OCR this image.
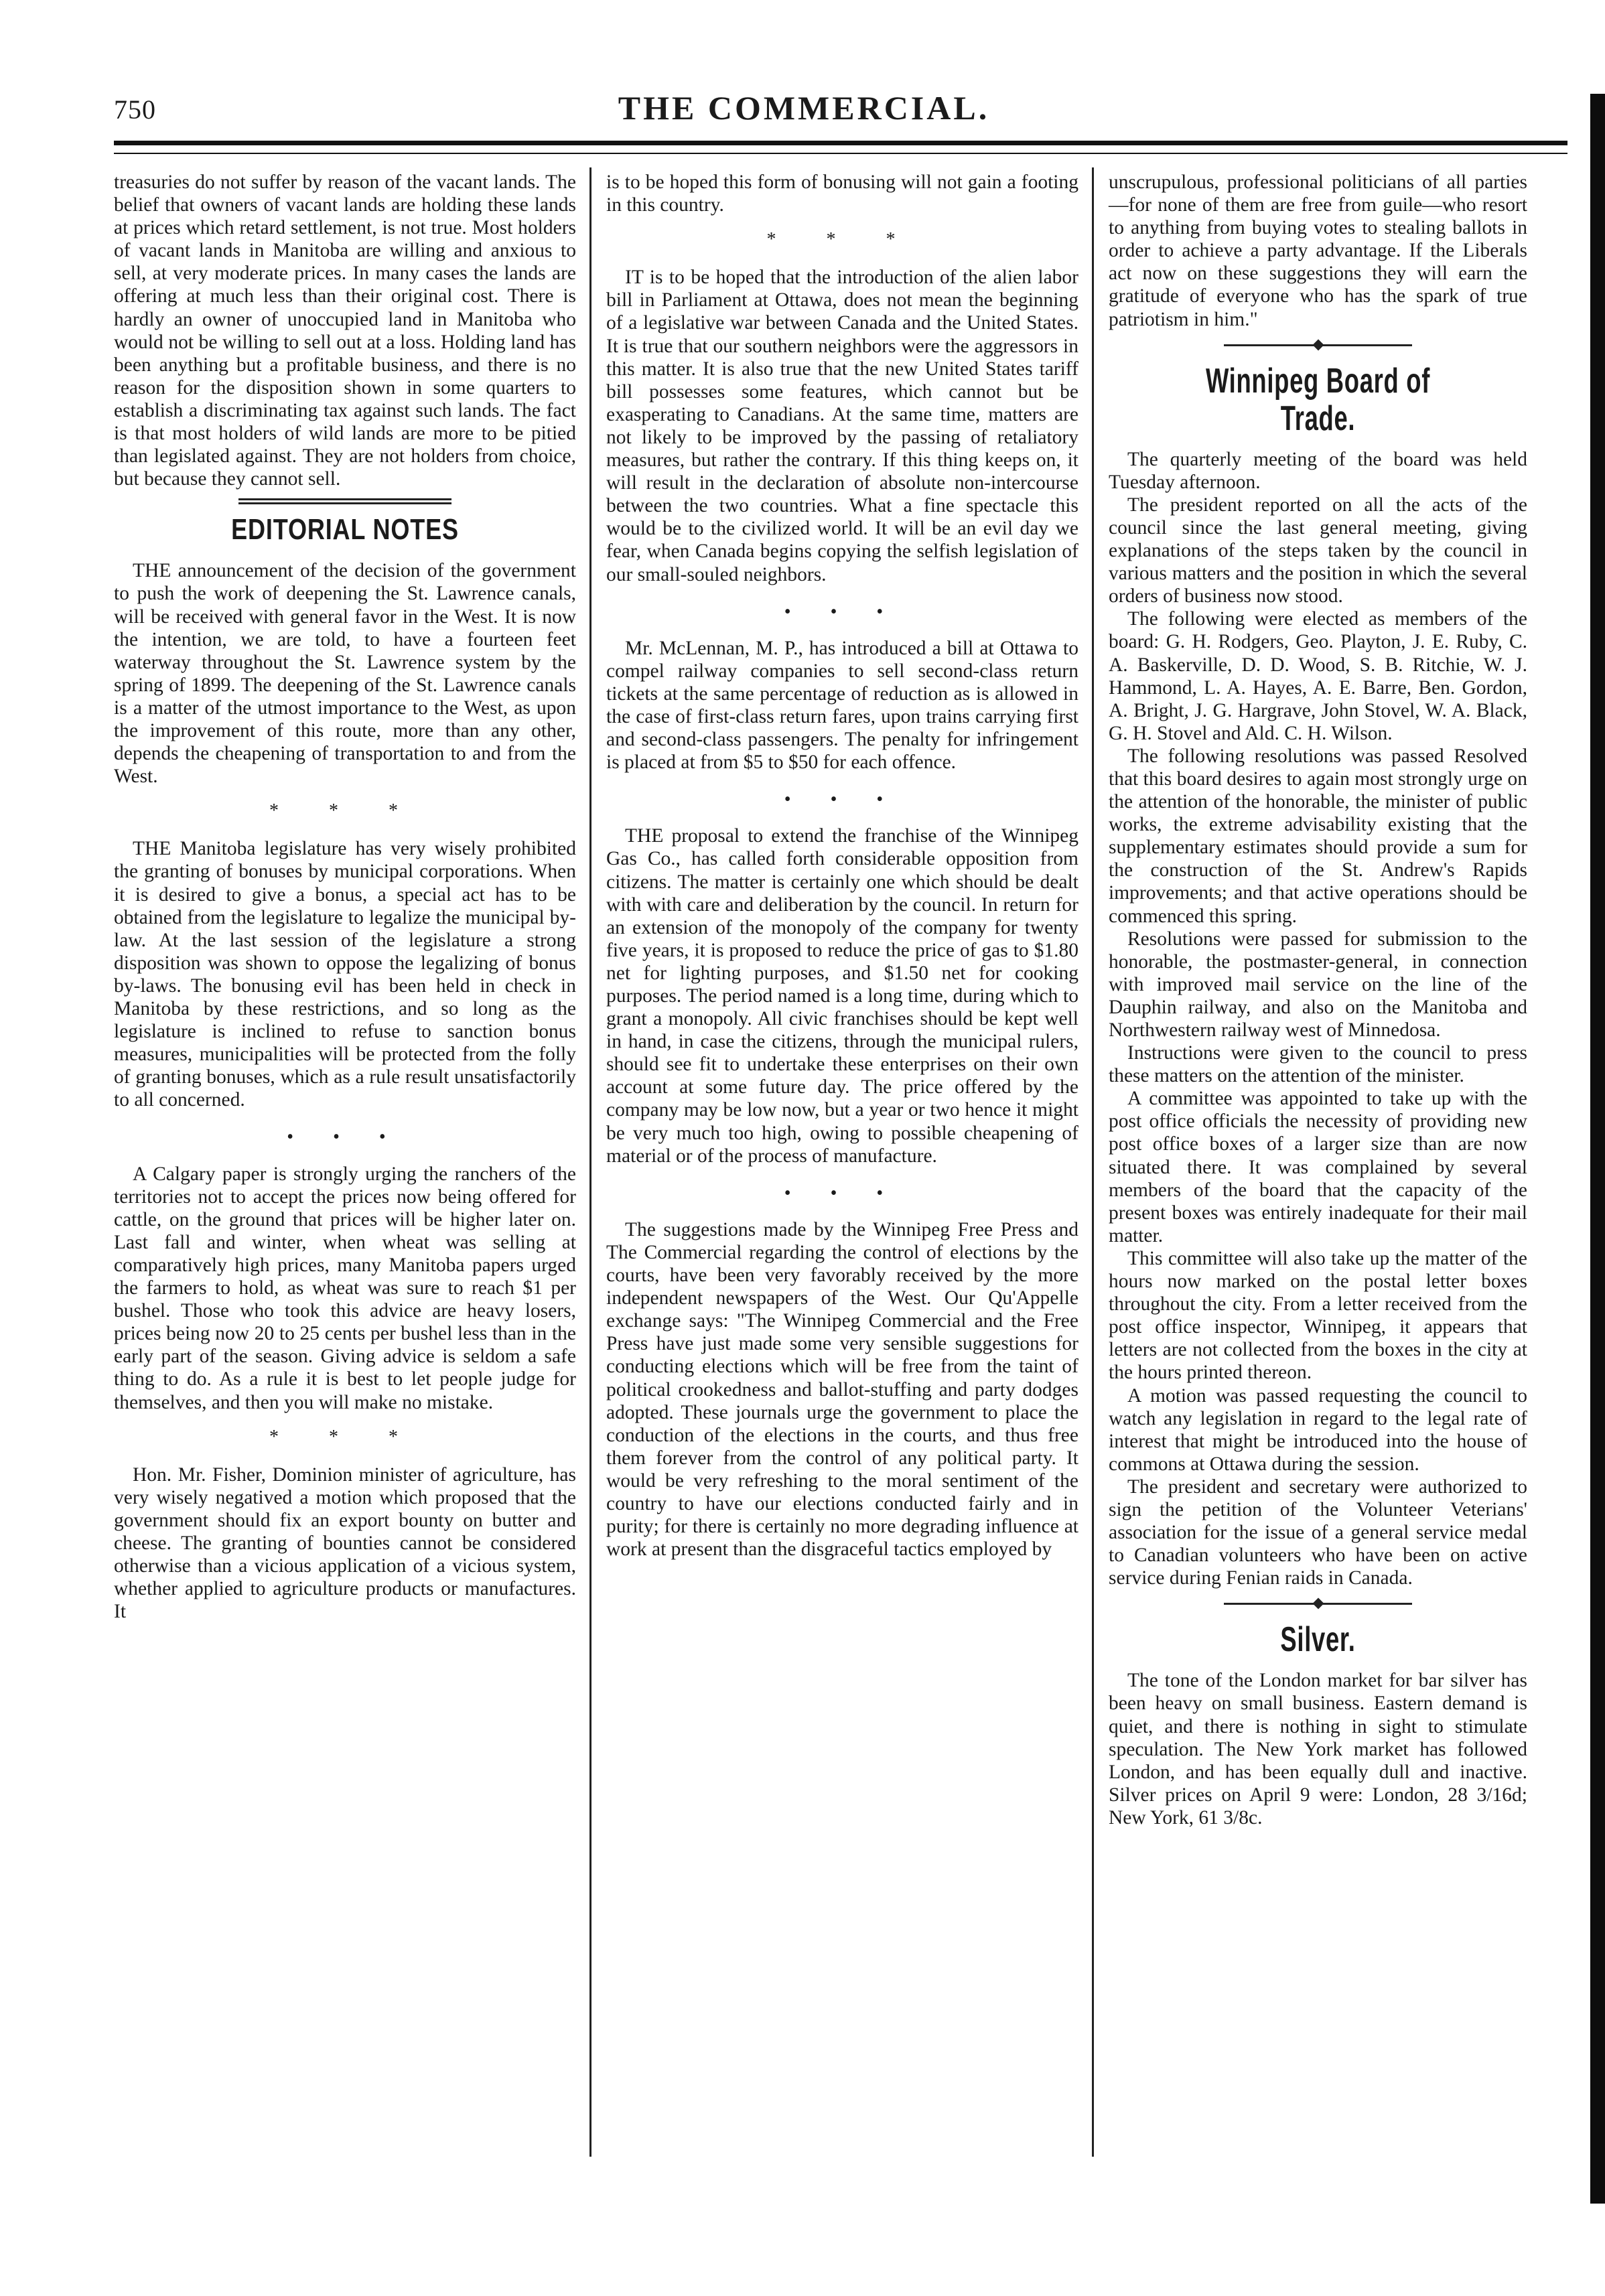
750	THE COMMERCIAL.

treasuries do not suffer by reason of the vacant lands. The belief that owners of vacant lands are holding these lands at prices which retard settlement, is not true. Most holders of vacant lands in Manitoba are willing and anxious to sell, at very moderate prices. In many cases the lands are offering at much less than their original cost. There is hardly an owner of unoccupied land in Manitoba who would not be willing to sell out at a loss. Holding land has been anything but a profitable business, and there is no reason for the disposition shown in some quarters to establish a discriminating tax against such lands. The fact is that most holders of wild lands are more to be pitied than legislated against. They are not holders from choice, but because they cannot sell.

EDITORIAL NOTES

THE announcement of the decision of the government to push the work of deepening the St. Lawrence canals, will be received with general favor in the West. It is now the intention, we are told, to have a fourteen feet waterway throughout the St. Lawrence system by the spring of 1899. The deepening of the St. Lawrence canals is a matter of the utmost importance to the West, as upon the improvement of this route, more than any other, depends the cheapening of transportation to and from the West.

* * *

THE Manitoba legislature has very wisely prohibited the granting of bonuses by municipal corporations. When it is desired to give a bonus, a special act has to be obtained from the legislature to legalize the municipal by-law. At the last session of the legislature a strong disposition was shown to oppose the legalizing of bonus by-laws. The bonusing evil has been held in check in Manitoba by these restrictions, and so long as the legislature is inclined to refuse to sanction bonus measures, municipalities will be protected from the folly of granting bonuses, which as a rule result unsatisfactorily to all concerned.

• • •

A Calgary paper is strongly urging the ranchers of the territories not to accept the prices now being offered for cattle, on the ground that prices will be higher later on. Last fall and winter, when wheat was selling at comparatively high prices, many Manitoba papers urged the farmers to hold, as wheat was sure to reach $1 per bushel. Those who took this advice are heavy losers, prices being now 20 to 25 cents per bushel less than in the early part of the season. Giving advice is seldom a safe thing to do. As a rule it is best to let people judge for themselves, and then you will make no mistake.

* * *

Hon. Mr. Fisher, Dominion minister of agriculture, has very wisely negatived a motion which proposed that the government should fix an export bounty on butter and cheese. The granting of bounties cannot be considered otherwise than a vicious application of a vicious system, whether applied to agriculture products or manufactures. It

is to be hoped this form of bonusing will not gain a footing in this country.

* * *

IT is to be hoped that the introduction of the alien labor bill in Parliament at Ottawa, does not mean the beginning of a legislative war between Canada and the United States. It is true that our southern neighbors were the aggressors in this matter. It is also true that the new United States tariff bill possesses some features, which cannot but be exasperating to Canadians. At the same time, matters are not likely to be improved by the passing of retaliatory measures, but rather the contrary. If this thing keeps on, it will result in the declaration of absolute non-intercourse between the two countries. What a fine spectacle this would be to the civilized world. It will be an evil day we fear, when Canada begins copying the selfish legislation of our small-souled neighbors.

• • •

Mr. McLennan, M. P., has introduced a bill at Ottawa to compel railway companies to sell second-class return tickets at the same percentage of reduction as is allowed in the case of first-class return fares, upon trains carrying first and second-class passengers. The penalty for infringement is placed at from $5 to $50 for each offence.

• • •

THE proposal to extend the franchise of the Winnipeg Gas Co., has called forth considerable opposition from citizens. The matter is certainly one which should be dealt with with care and deliberation by the council. In return for an extension of the monopoly of the company for twenty five years, it is proposed to reduce the price of gas to $1.80 net for lighting purposes, and $1.50 net for cooking purposes. The period named is a long time, during which to grant a monopoly. All civic franchises should be kept well in hand, in case the citizens, through the municipal rulers, should see fit to undertake these enterprises on their own account at some future day. The price offered by the company may be low now, but a year or two hence it might be very much too high, owing to possible cheapening of material or of the process of manufacture.

• • •

The suggestions made by the Winnipeg Free Press and The Commercial regarding the control of elections by the courts, have been very favorably received by the more independent newspapers of the West. Our Qu'Appelle exchange says: "The Winnipeg Commercial and the Free Press have just made some very sensible suggestions for conducting elections which will be free from the taint of political crookedness and ballot-stuffing and party dodges adopted. These journals urge the government to place the conduction of the elections in the courts, and thus free them forever from the control of any political party. It would be very refreshing to the moral sentiment of the country to have our elections conducted fairly and in purity; for there is certainly no more degrading influence at work at present than the disgraceful tactics employed by

unscrupulous, professional politicians of all parties—for none of them are free from guile—who resort to anything from buying votes to stealing ballots in order to achieve a party advantage. If the Liberals act now on these suggestions they will earn the gratitude of everyone who has the spark of true patriotism in him."

Winnipeg Board of Trade.

The quarterly meeting of the board was held Tuesday afternoon.

The president reported on all the acts of the council since the last general meeting, giving explanations of the steps taken by the council in various matters and the position in which the several orders of business now stood.

The following were elected as members of the board: G. H. Rodgers, Geo. Playton, J. E. Ruby, C. A. Baskerville, D. D. Wood, S. B. Ritchie, W. J. Hammond, L. A. Hayes, A. E. Barre, Ben. Gordon, A. Bright, J. G. Hargrave, John Stovel, W. A. Black, G. H. Stovel and Ald. C. H. Wilson.

The following resolutions was passed Resolved that this board desires to again most strongly urge on the attention of the honorable, the minister of public works, the extreme advisability existing that the supplementary estimates should provide a sum for the construction of the St. Andrew's Rapids improvements; and that active operations should be commenced this spring.

Resolutions were passed for submission to the honorable, the postmaster-general, in connection with improved mail service on the line of the Dauphin railway, and also on the Manitoba and Northwestern railway west of Minnedosa.

Instructions were given to the council to press these matters on the attention of the minister.

A committee was appointed to take up with the post office officials the necessity of providing new post office boxes of a larger size than are now situated there. It was complained by several members of the board that the capacity of the present boxes was entirely inadequate for their mail matter.

This committee will also take up the matter of the hours now marked on the postal letter boxes throughout the city. From a letter received from the post office inspector, Winnipeg, it appears that letters are not collected from the boxes in the city at the hours printed thereon.

A motion was passed requesting the council to watch any legislation in regard to the legal rate of interest that might be introduced into the house of commons at Ottawa during the session.

The president and secretary were authorized to sign the petition of the Volunteer Veterians' association for the issue of a general service medal to Canadian volunteers who have been on active service during Fenian raids in Canada.

Silver.

The tone of the London market for bar silver has been heavy on small business. Eastern demand is quiet, and there is nothing in sight to stimulate speculation. The New York market has followed London, and has been equally dull and inactive. Silver prices on April 9 were: London, 28 3/16d; New York, 61 3/8c.
